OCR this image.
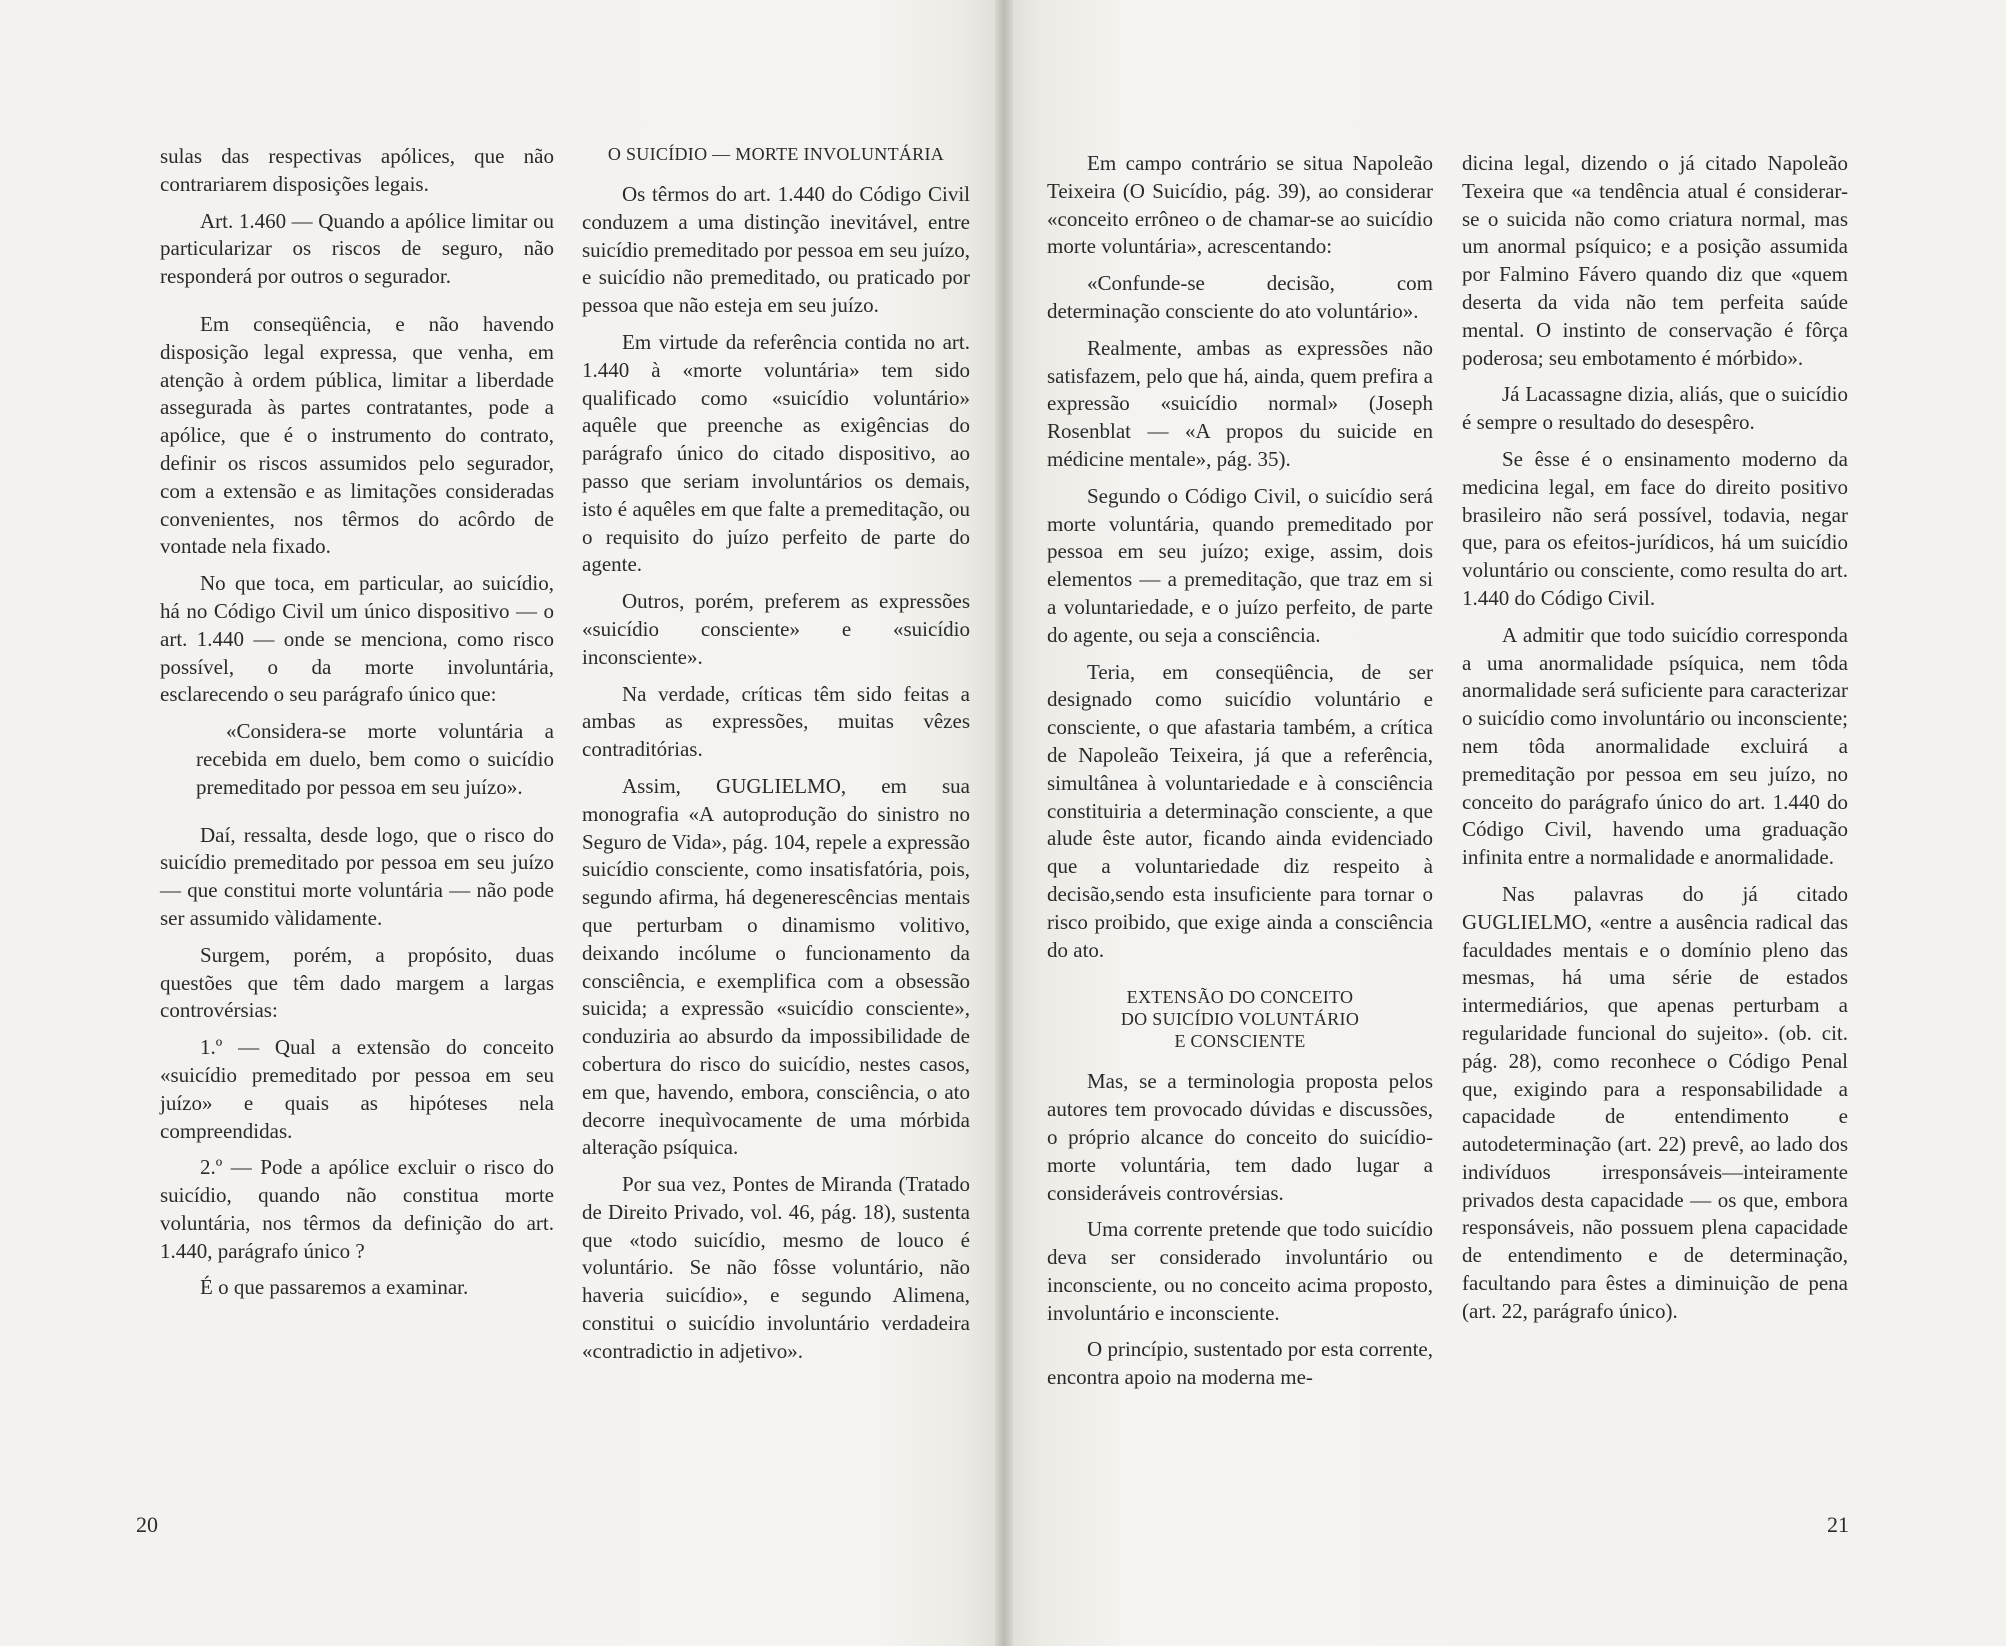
sulas das respectivas apólices, que não contrariarem disposições legais.

Art. 1.460 — Quando a apólice limitar ou particularizar os riscos de seguro, não responderá por outros o segurador.

Em conseqüência, e não havendo disposição legal expressa, que venha, em atenção à ordem pública, limitar a liberdade assegurada às partes contratantes, pode a apólice, que é o instrumento do contrato, definir os riscos assumidos pelo segurador, com a extensão e as limitações consideradas convenientes, nos têrmos do acôrdo de vontade nela fixado.

No que toca, em particular, ao suicídio, há no Código Civil um único dispositivo — o art. 1.440 — onde se menciona, como risco possível, o da morte involuntária, esclarecendo o seu parágrafo único que:

«Considera-se morte voluntária a recebida em duelo, bem como o suicídio premeditado por pessoa em seu juízo».

Daí, ressalta, desde logo, que o risco do suicídio premeditado por pessoa em seu juízo — que constitui morte voluntária — não pode ser assumido vàlidamente.

Surgem, porém, a propósito, duas questões que têm dado margem a largas controvérsias:

1.º — Qual a extensão do conceito «suicídio premeditado por pessoa em seu juízo» e quais as hipóteses nela compreendidas.

2.º — Pode a apólice excluir o risco do suicídio, quando não constitua morte voluntária, nos têrmos da definição do art. 1.440, parágrafo único ?

É o que passaremos a examinar.

O SUICÍDIO — MORTE INVOLUNTÁRIA

Os têrmos do art. 1.440 do Código Civil conduzem a uma distinção inevitável, entre suicídio premeditado por pessoa em seu juízo, e suicídio não premeditado, ou praticado por pessoa que não esteja em seu juízo.

Em virtude da referência contida no art. 1.440 à «morte voluntária» tem sido qualificado como «suicídio voluntário» aquêle que preenche as exigências do parágrafo único do citado dispositivo, ao passo que seriam involuntários os demais, isto é aquêles em que falte a premeditação, ou o requisito do juízo perfeito de parte do agente.

Outros, porém, preferem as expressões «suicídio consciente» e «suicídio inconsciente».

Na verdade, críticas têm sido feitas a ambas as expressões, muitas vêzes contraditórias.

Assim, GUGLIELMO, em sua monografia «A autoprodução do sinistro no Seguro de Vida», pág. 104, repele a expressão suicídio consciente, como insatisfatória, pois, segundo afirma, há degenerescências mentais que perturbam o dinamismo volitivo, deixando incólume o funcionamento da consciência, e exemplifica com a obsessão suicida; a expressão «suicídio consciente», conduziria ao absurdo da impossibilidade de cobertura do risco do suicídio, nestes casos, em que, havendo, embora, consciência, o ato decorre inequìvocamente de uma mórbida alteração psíquica.

Por sua vez, Pontes de Miranda (Tratado de Direito Privado, vol. 46, pág. 18), sustenta que «todo suicídio, mesmo de louco é voluntário. Se não fôsse voluntário, não haveria suicídio», e segundo Alimena, constitui o suicídio involuntário verdadeira «contradictio in adjetivo».

20

Em campo contrário se situa Napoleão Teixeira (O Suicídio, pág. 39), ao considerar «conceito errôneo o de chamar-se ao suicídio morte voluntária», acrescentando:

«Confunde-se decisão, com determinação consciente do ato voluntário».

Realmente, ambas as expressões não satisfazem, pelo que há, ainda, quem prefira a expressão «suicídio normal» (Joseph Rosenblat — «A propos du suicide en médicine mentale», pág. 35).

Segundo o Código Civil, o suicídio será morte voluntária, quando premeditado por pessoa em seu juízo; exige, assim, dois elementos — a premeditação, que traz em si a voluntariedade, e o juízo perfeito, de parte do agente, ou seja a consciência.

Teria, em conseqüência, de ser designado como suicídio voluntário e consciente, o que afastaria também, a crítica de Napoleão Teixeira, já que a referência, simultânea à voluntariedade e à consciência constituiria a determinação consciente, a que alude êste autor, ficando ainda evidenciado que a voluntariedade diz respeito à decisão,sendo esta insuficiente para tornar o risco proibido, que exige ainda a consciência do ato.

EXTENSÃO DO CONCEITO
DO SUICÍDIO VOLUNTÁRIO
E CONSCIENTE

Mas, se a terminologia proposta pelos autores tem provocado dúvidas e discussões, o próprio alcance do conceito do suicídio-morte voluntária, tem dado lugar a consideráveis controvérsias.

Uma corrente pretende que todo suicídio deva ser considerado involuntário ou inconsciente, ou no conceito acima proposto, involuntário e inconsciente.

O princípio, sustentado por esta corrente, encontra apoio na moderna me-

dicina legal, dizendo o já citado Napoleão Texeira que «a tendência atual é considerar-se o suicida não como criatura normal, mas um anormal psíquico; e a posição assumida por Falmino Fávero quando diz que «quem deserta da vida não tem perfeita saúde mental. O instinto de conservação é fôrça poderosa; seu embotamento é mórbido».

Já Lacassagne dizia, aliás, que o suicídio é sempre o resultado do desespêro.

Se êsse é o ensinamento moderno da medicina legal, em face do direito positivo brasileiro não será possível, todavia, negar que, para os efeitos-jurídicos, há um suicídio voluntário ou consciente, como resulta do art. 1.440 do Código Civil.

A admitir que todo suicídio corresponda a uma anormalidade psíquica, nem tôda anormalidade será suficiente para caracterizar o suicídio como involuntário ou inconsciente; nem tôda anormalidade excluirá a premeditação por pessoa em seu juízo, no conceito do parágrafo único do art. 1.440 do Código Civil, havendo uma graduação infinita entre a normalidade e anormalidade.

Nas palavras do já citado GUGLIELMO, «entre a ausência radical das faculdades mentais e o domínio pleno das mesmas, há uma série de estados intermediários, que apenas perturbam a regularidade funcional do sujeito». (ob. cit. pág. 28), como reconhece o Código Penal que, exigindo para a responsabilidade a capacidade de entendimento e autodeterminação (art. 22) prevê, ao lado dos indivíduos irresponsáveis—inteiramente privados desta capacidade — os que, embora responsáveis, não possuem plena capacidade de entendimento e de determinação, facultando para êstes a diminuição de pena (art. 22, parágrafo único).

21
